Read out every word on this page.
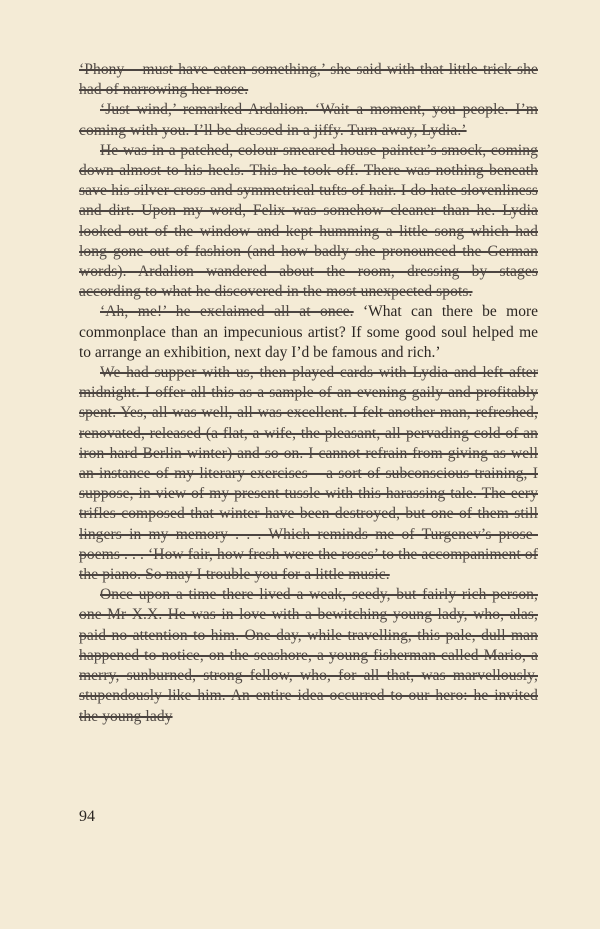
‘Phony – must have eaten something,’ she said with that little trick she had of narrowing her nose.

‘Just wind,’ remarked Ardalion. ‘Wait a moment, you people. I’m coming with you. I’ll be dressed in a jiffy. Turn away, Lydia.’

He was in a patched, colour-smeared house-painter’s smock, coming down almost to his heels. This he took off. There was nothing beneath save his silver cross and symmetrical tufts of hair. I do hate slovenliness and dirt. Upon my word, Felix was somehow cleaner than he. Lydia looked out of the window and kept humming a little song which had long gone out of fashion (and how badly she pronounced the German words). Ardalion wandered about the room, dressing by stages according to what he discovered in the most unexpected spots.

‘Ah, me!’ he exclaimed all at once. ‘What can there be more commonplace than an impecunious artist? If some good soul helped me to arrange an exhibition, next day I’d be famous and rich.’

We had supper with us, then played cards with Lydia and left after midnight. I offer all this as a sample of an evening gaily and profitably spent. Yes, all was well, all was excellent. I felt another man, refreshed, renovated, released (a flat, a wife, the pleasant, all-pervading cold of an iron-hard Berlin winter) and so on. I cannot refrain from giving as well an instance of my literary exercises – a sort of subconscious training, I suppose, in view of my present tussle with this harassing tale. The eery trifles composed that winter have been destroyed, but one of them still lingers in my memory . . . Which reminds me of Turgenev’s prose-poems . . . ‘How fair, how fresh were the roses’ to the accompaniment of the piano. So may I trouble you for a little music.

Once upon a time there lived a weak, seedy, but fairly rich person, one Mr X.X. He was in love with a bewitching young lady, who, alas, paid no attention to him. One day, while travelling, this pale, dull man happened to notice, on the seashore, a young fisherman called Mario, a merry, sunburned, strong fellow, who, for all that, was marvellously, stupendously like him. An entire idea occurred to our hero: he invited the young lady

94
